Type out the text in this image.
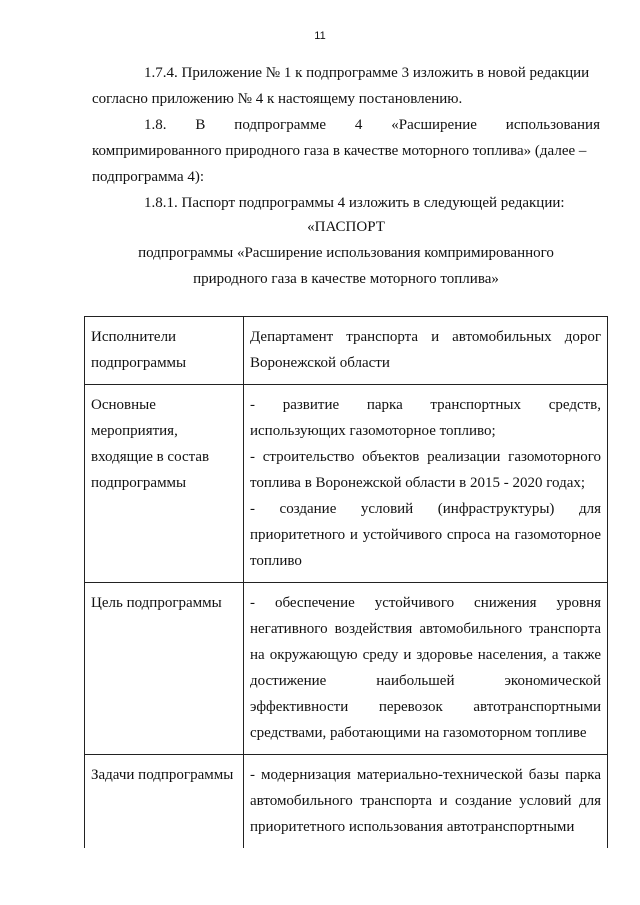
11
1.7.4. Приложение № 1 к подпрограмме 3 изложить в новой редакции
согласно приложению № 4 к настоящему постановлению.
1.8. В подпрограмме 4 «Расширение использования
компримированного природного газа в качестве моторного топлива» (далее –
подпрограмма 4):
1.8.1. Паспорт подпрограммы 4 изложить в следующей редакции:
«ПАСПОРТ
подпрограммы «Расширение использования компримированного
природного газа в качестве моторного топлива»
Исполнители подпрограммы	Департамент транспорта и автомобильных дорог Воронежской области

Основные мероприятия, входящие в состав подпрограммы	- развитие парка транспортных средств, использующих газомоторное топливо;
- строительство объектов реализации газомоторного топлива в Воронежской области в 2015 - 2020 годах;
- создание условий (инфраструктуры) для приоритетного и устойчивого спроса на газомоторное топливо

Цель подпрограммы	- обеспечение устойчивого снижения уровня негативного воздействия автомобильного транспорта на окружающую среду и здоровье населения, а также достижение наибольшей экономической эффективности перевозок автотранспортными средствами, работающими на газомоторном топливе

Задачи подпрограммы	- модернизация материально-технической базы парка автомобильного транспорта и создание условий для приоритетного использования автотранспортными
